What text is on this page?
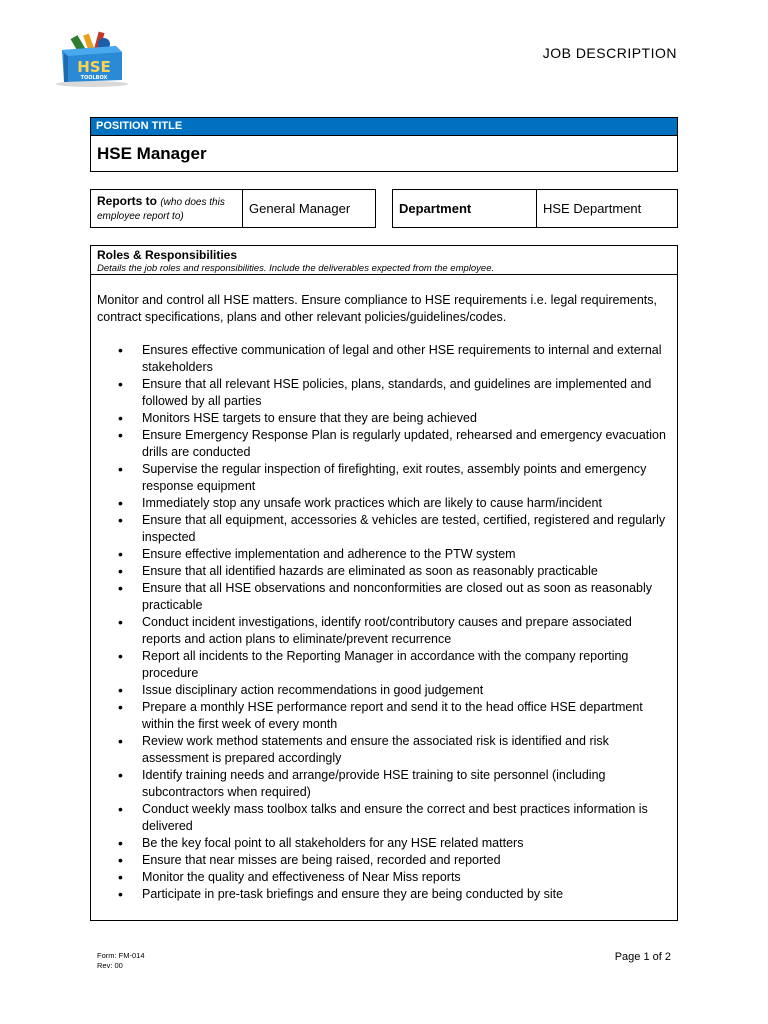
HSE
TOOLBOX
JOB DESCRIPTION
POSITION TITLE
HSE Manager
Reports to (who does this
employee report to)	General Manager	Department	HSE Department
Roles & Responsibilities
Details the job roles and responsibilities. Include the deliverables expected from the employee.

Monitor and control all HSE matters. Ensure compliance to HSE requirements i.e. legal requirements, contract specifications, plans and other relevant policies/guidelines/codes.

• Ensures effective communication of legal and other HSE requirements to internal and external stakeholders
• Ensure that all relevant HSE policies, plans, standards, and guidelines are implemented and followed by all parties
• Monitors HSE targets to ensure that they are being achieved
• Ensure Emergency Response Plan is regularly updated, rehearsed and emergency evacuation drills are conducted
• Supervise the regular inspection of firefighting, exit routes, assembly points and emergency response equipment
• Immediately stop any unsafe work practices which are likely to cause harm/incident
• Ensure that all equipment, accessories & vehicles are tested, certified, registered and regularly inspected
• Ensure effective implementation and adherence to the PTW system
• Ensure that all identified hazards are eliminated as soon as reasonably practicable
• Ensure that all HSE observations and nonconformities are closed out as soon as reasonably practicable
• Conduct incident investigations, identify root/contributory causes and prepare associated reports and action plans to eliminate/prevent recurrence
• Report all incidents to the Reporting Manager in accordance with the company reporting procedure
• Issue disciplinary action recommendations in good judgement
• Prepare a monthly HSE performance report and send it to the head office HSE department within the first week of every month
• Review work method statements and ensure the associated risk is identified and risk assessment is prepared accordingly
• Identify training needs and arrange/provide HSE training to site personnel (including subcontractors when required)
• Conduct weekly mass toolbox talks and ensure the correct and best practices information is delivered
• Be the key focal point to all stakeholders for any HSE related matters
• Ensure that near misses are being raised, recorded and reported
• Monitor the quality and effectiveness of Near Miss reports
• Participate in pre-task briefings and ensure they are being conducted by site
Form: FM-014
Rev: 00
Page 1 of 2
